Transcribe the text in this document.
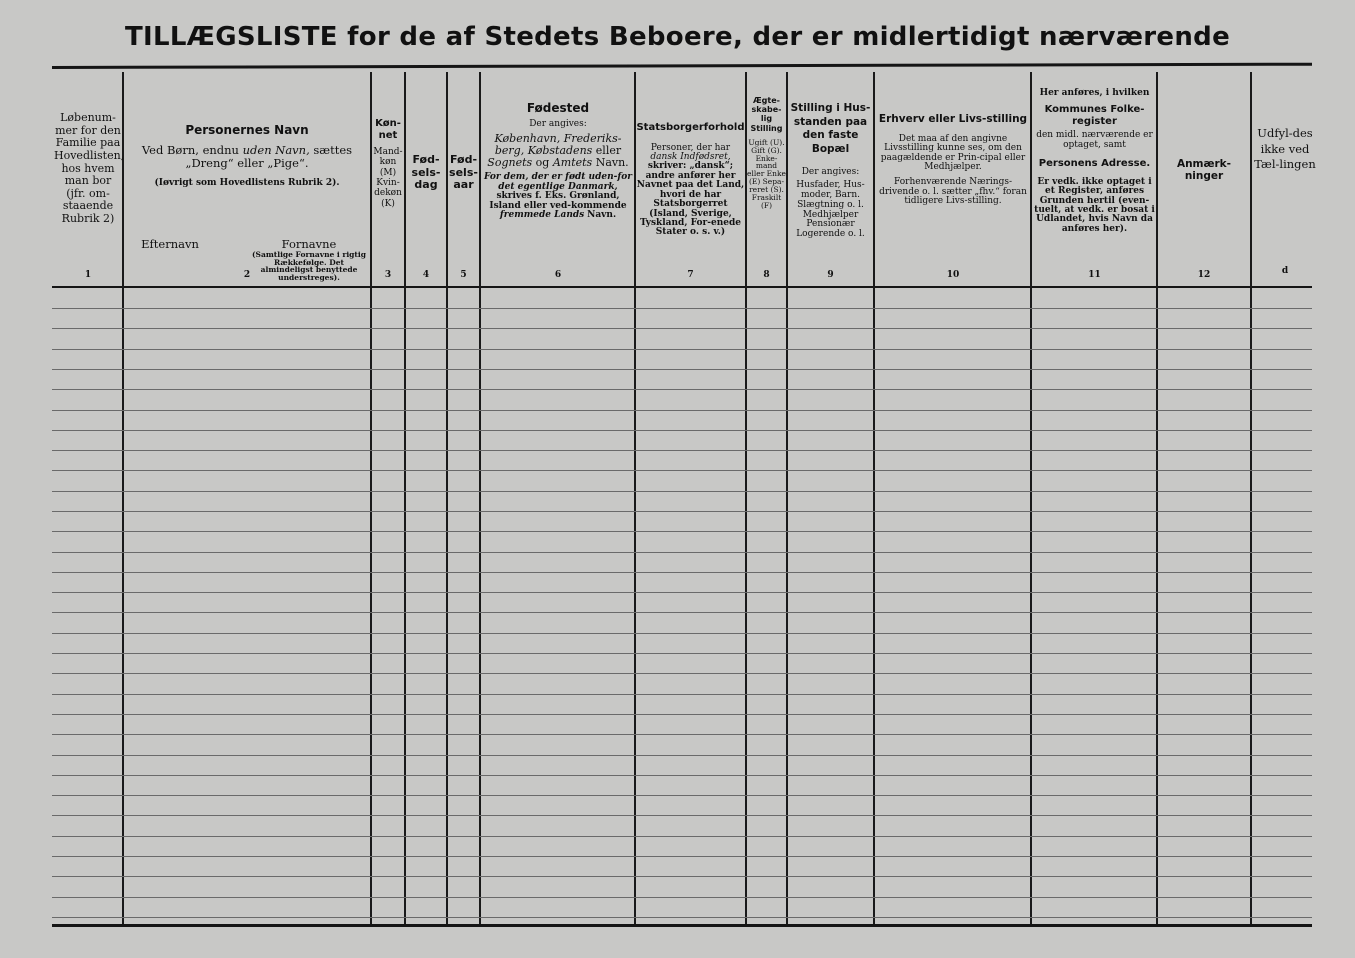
TILLÆGSLISTE for de af Stedets Beboere, der er midlertidigt nærværende
Løbenum-mer for den Familie paa Hovedlisten, hos hvem man bor (jfr. om-staaende Rubrik 2)
1
Personernes Navn
Ved Børn, endnu uden Navn, sættes „Dreng“ eller „Pige“.
(Iøvrigt som Hovedlistens Rubrik 2).
Efternavn	Fornavne
(Samtlige Fornavne i rigtig Rækkefølge. Det almindeligst benyttede understreges).
2
Køn-net
Mand-køn (M) Kvin-dekøn (K)
3
Fød-sels-dag
4
Fød-sels-aar
5
Fødested
Der angives:
København, Frederiks-berg, Købstadens eller Sognets og Amtets Navn.
For dem, der er født uden-for det egentlige Danmark, skrives f. Eks. Grønland, Island eller ved-kommende fremmede Lands Navn.
6
Statsborgerforhold
Personer, der har dansk Indfødsret, skriver: „dansk“; andre anfører her Navnet paa det Land, hvori de har Statsborgerret (Island, Sverige, Tyskland, For-enede Stater o. s. v.)
7
Ægte-skabe-lig Stilling
Ugift (U). Gift (G). Enke-mand eller Enke (E) Sepa-reret (S). Fraskilt (F)
8
Stilling i Hus-standen paa den faste Bopæl
Der angives:
Husfader, Hus-moder, Barn. Slægtning o. l. Medhjælper Pensionær Logerende o. l.
9
Erhverv eller Livs-stilling
Det maa af den angivne Livsstilling kunne ses, om den paagældende er Prin-cipal eller Medhjælper.
Forhenværende Nærings-drivende o. l. sætter „fhv.“ foran tidligere Livs-stilling.
10
Her anføres, i hvilken
Kommunes Folke-register
den midl. nærværende er optaget, samt
Personens Adresse.
Er vedk. ikke optaget i et Register, anføres Grunden hertil (even-tuelt, at vedk. er bosat i Udlandet, hvis Navn da anføres her).
11
Anmærk-ninger
12
Udfyl-des ikke ved Tæl-lingen
d
